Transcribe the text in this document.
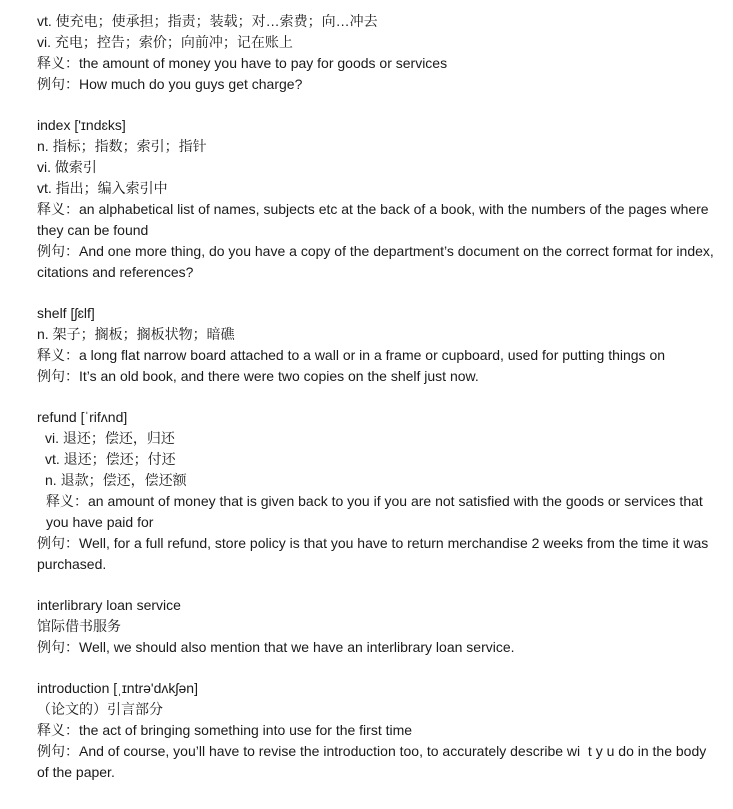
vt. 使充电；使承担；指责；装载；对…索费；向…冲去
vi. 充电；控告；索价；向前冲；记在账上
释义：the amount of money you have to pay for goods or services
例句：How much do you guys get charge?
index ['ɪndɛks]
n. 指标；指数；索引；指针
vi. 做索引
vt. 指出；编入索引中
释义：an alphabetical list of names, subjects etc at the back of a book, with the numbers of the pages where they can be found
例句：And one more thing, do you have a copy of the department’s document on the correct format for index, citations and references?
shelf [ʃɛlf]
n. 架子；搁板；搁板状物；暗礁
释义：a long flat narrow board attached to a wall or in a frame or cupboard, used for putting things on
例句：It’s an old book, and there were two copies on the shelf just now.
refund [ˈrifʌnd]
vi. 退还；偿还，归还
vt. 退还；偿还；付还
n. 退款；偿还，偿还额
释义：an amount of money that is given back to you if you are not satisfied with the goods or services that you have paid for
例句：Well, for a full refund, store policy is that you have to return merchandise 2 weeks from the time it was purchased.
interlibrary loan service
馆际借书服务
例句：Well, we should also mention that we have an interlibrary loan service.
introduction [ˌɪntrə'dʌkʃən]
（论文的）引言部分
释义：the act of bringing something into use for the first time
例句：And of course, you’ll have to revise the introduction too, to accurately describe wi  t y u do in the body of the paper.
